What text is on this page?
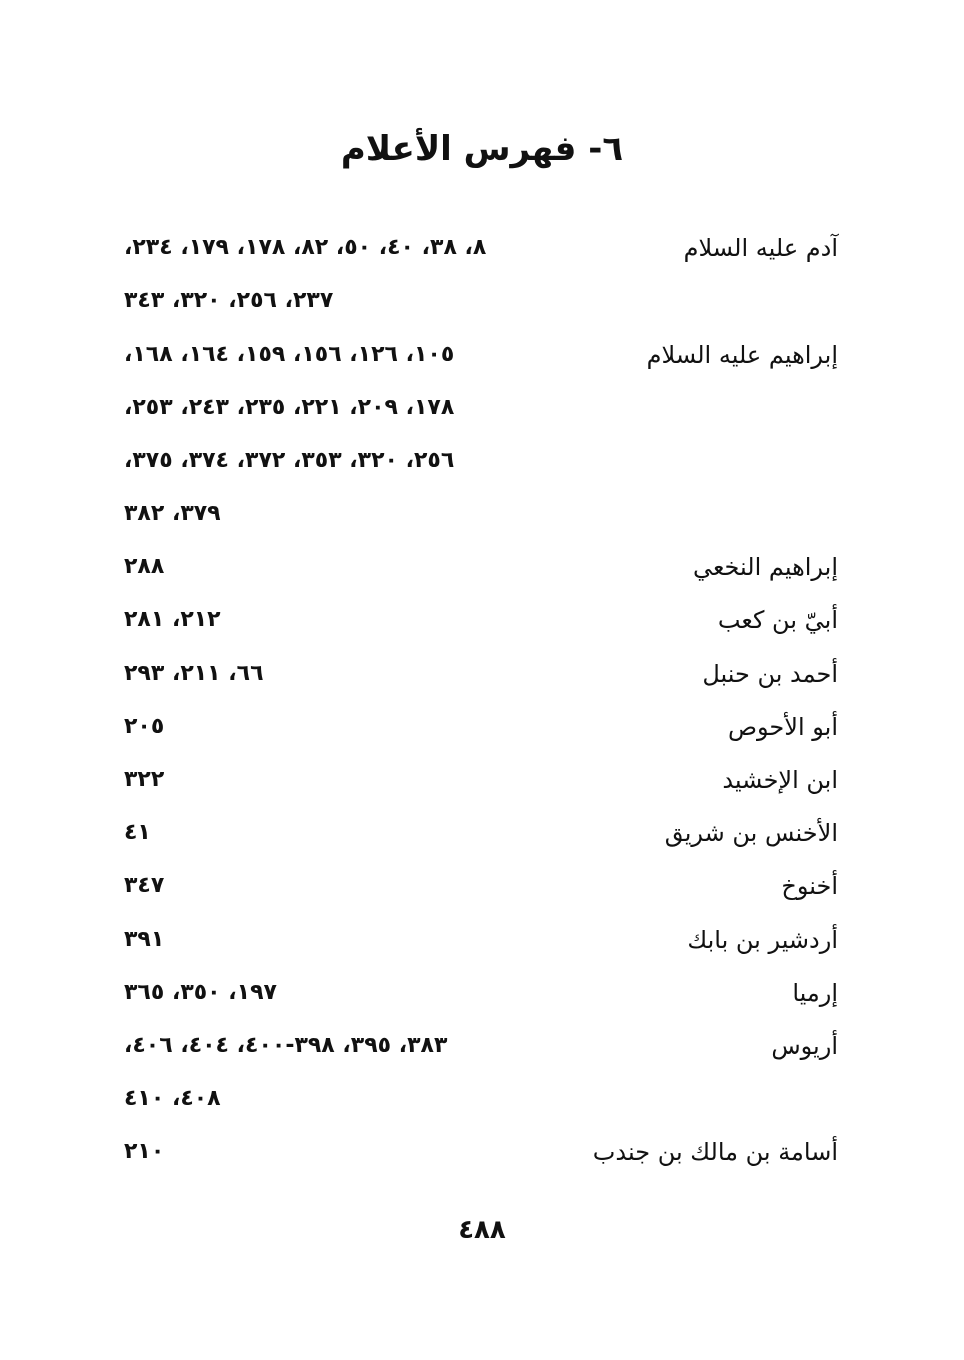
٦- فهرس الأعلام
آدم عليه السلام
٨، ٣٨، ٤٠، ٥٠، ٨٢، ١٧٨، ١٧٩، ٢٣٤،
٢٣٧، ٢٥٦، ٣٢٠، ٣٤٣
إبراهيم عليه السلام
١٠٥، ١٢٦، ١٥٦، ١٥٩، ١٦٤، ١٦٨،
١٧٨، ٢٠٩، ٢٢١، ٢٣٥، ٢٤٣، ٢٥٣،
٢٥٦، ٣٢٠، ٣٥٣، ٣٧٢، ٣٧٤، ٣٧٥،
٣٧٩، ٣٨٢
إبراهيم النخعي
٢٨٨
أبيّ بن كعب
٢١٢، ٢٨١
أحمد بن حنبل
٦٦، ٢١١، ٢٩٣
أبو الأحوص
٢٠٥
ابن الإخشيد
٣٢٢
الأخنس بن شريق
٤١
أخنوخ
٣٤٧
أردشير بن بابك
٣٩١
إرميا
١٩٧، ٣٥٠، ٣٦٥
أريوس
٣٨٣، ٣٩٥، ٣٩٨-٤٠٠، ٤٠٤، ٤٠٦،
٤٠٨، ٤١٠
أسامة بن مالك بن جندب
٢١٠
٤٨٨
